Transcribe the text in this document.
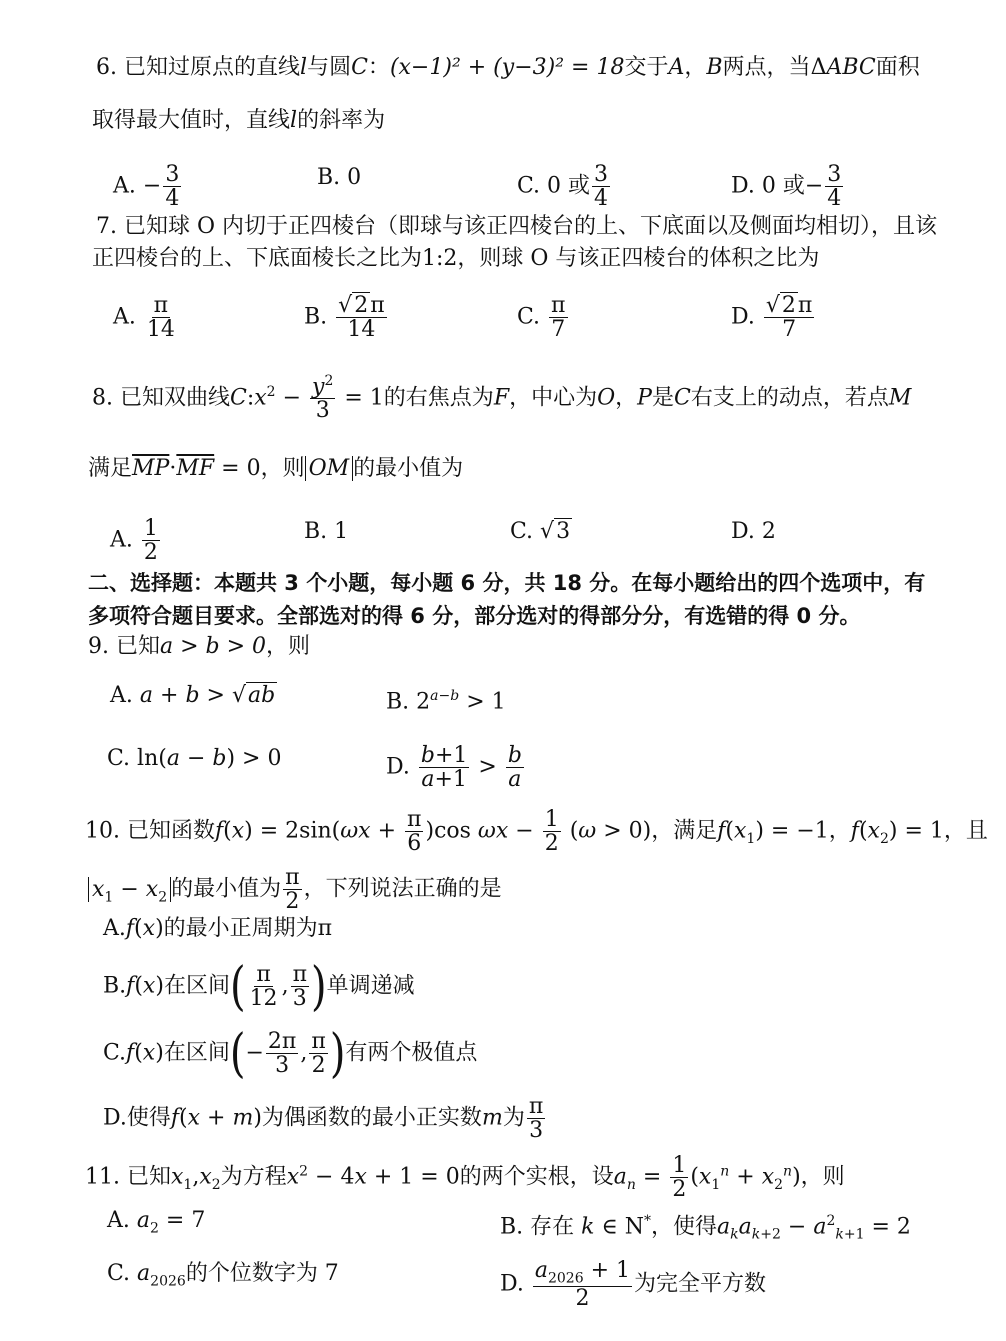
6. 已知过原点的直线l与圆C：(x−1)² + (y−3)² = 18交于A，B两点，当ΔABC面积
取得最大值时，直线l的斜率为
A. − $\frac{3}{4}$	B. 0	C. 0 或 $\frac{3}{4}$	D. 0 或− $\frac{3}{4}$
7. 已知球 O 内切于正四棱台（即球与该正四棱台的上、下底面以及侧面均相切），且该
正四棱台的上、下底面棱长之比为1:2，则球 O 与该正四棱台的体积之比为
A. $\frac{\pi}{14}$	B. $\frac{√2\pi}{14}$	C. $\frac{\pi}{7}$	D. $\frac{√2\pi}{7}$
8. 已知双曲线$C:x^2 - \frac{y^2}{3} = 1$的右焦点为F，中心为O，P是C右支上的动点，若点M
满足$\overline{MP}\cdot\overline{MF} = 0$，则 OM 的最小值为
A. $\frac{1}{2}$	B. 1	C. √3	D. 2
二、选择题：本题共 3 个小题，每小题 6 分，共 18 分。在每小题给出的四个选项中，有
多项符合题目要求。全部选对的得 6 分，部分选对的得部分分，有选错的得 0 分。
9. 已知a > b > 0，则
A. a + b > √ab	B. $2^{a-b} > 1$
C. ln(a − b) > 0	D. $\frac{b+1}{a+1} > \frac{b}{a}$
10. 已知函数$f(x) = 2\sin(\omega x + \frac{\pi}{6} )\cos$ $\omega x - \frac{1}{2} (\omega > 0)$，满足$f(x_1) = -1$，$f(x_2) = 1$，且
$x_1 - x_2$ 的最小值为 $\frac{\pi}{2}$ ，下列说法正确的是
A.f(x)的最小正周期为π
B.f(x)在区间( $\frac{\pi}{12}$ , $\frac{\pi}{3}$ )单调递减
C.f(x)在区间(− $\frac{2\pi}{3}$ , $\frac{\pi}{2}$ )有两个极值点
D.使得f(x + m)为偶函数的最小正实数m为 $\frac{\pi}{3}$
11. 已知$x_1,x_2$为方程$x^2 - 4x + 1 = 0$的两个实根，设$a_n = \frac{1}{2} (x_1^n + x_2^n)$，则
A. $a_2 = 7$	B. 存在 k ∈ N*，使得$a_ka_{k+2} - a^2_{k+1} = 2$
C. $a_{2026}$的个位数字为 7	D. $\frac{a_{2026} + 1}{2}$ 为完全平方数
